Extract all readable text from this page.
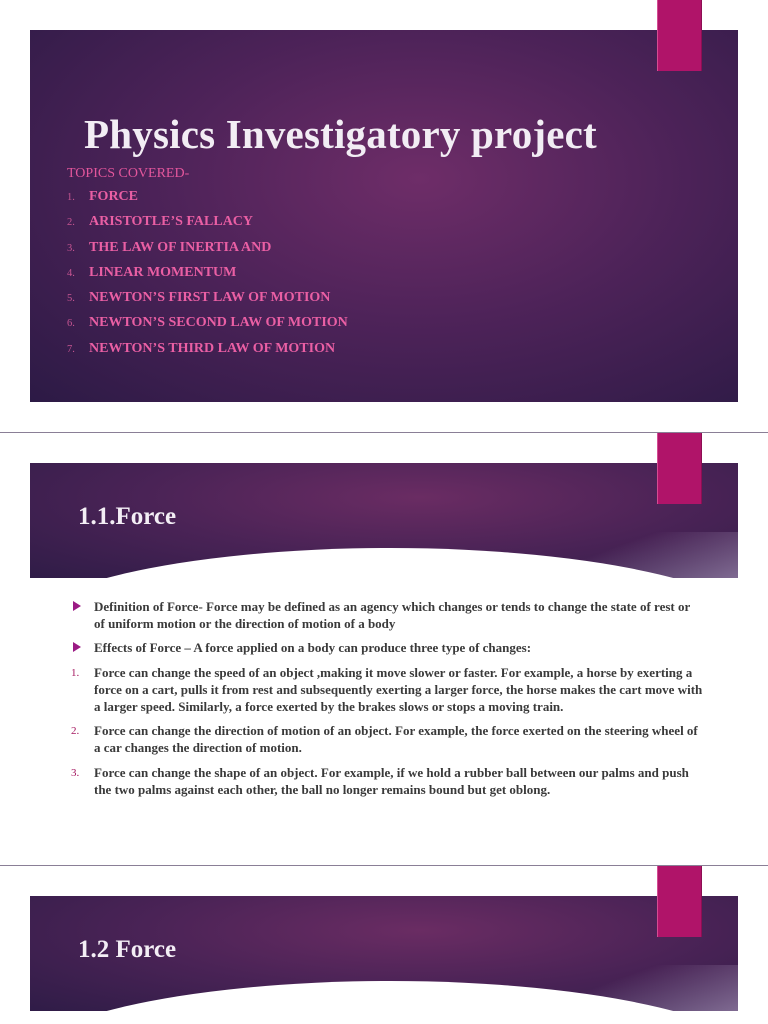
Physics Investigatory project
TOPICS COVERED-
1.	FORCE
2.	ARISTOTLE’S FALLACY
3.	THE LAW OF INERTIA AND
4.	LINEAR MOMENTUM
5.	NEWTON’S FIRST LAW OF MOTION
6.	NEWTON’S SECOND LAW OF MOTION
7.	NEWTON’S THIRD LAW OF MOTION
1.1.Force
Definition of Force- Force may be defined as an agency which changes or tends to change the state of rest or of uniform motion or the direction of motion of a body
Effects of Force – A force applied on a body can produce three type of changes:
1. Force can change the speed of an object ,making it move slower or faster. For example, a horse by exerting a force on a cart, pulls it from rest and subsequently exerting a larger force, the horse makes the cart move with a larger speed. Similarly, a force exerted by the brakes slows or stops a moving train.
2. Force can change the direction of motion of an object. For example, the force exerted on the steering wheel of a car changes the direction of motion.
3. Force can change the shape of an object. For example, if we hold a rubber ball between our palms and push the two palms against each other, the ball no longer remains bound but get oblong.
1.2 Force
